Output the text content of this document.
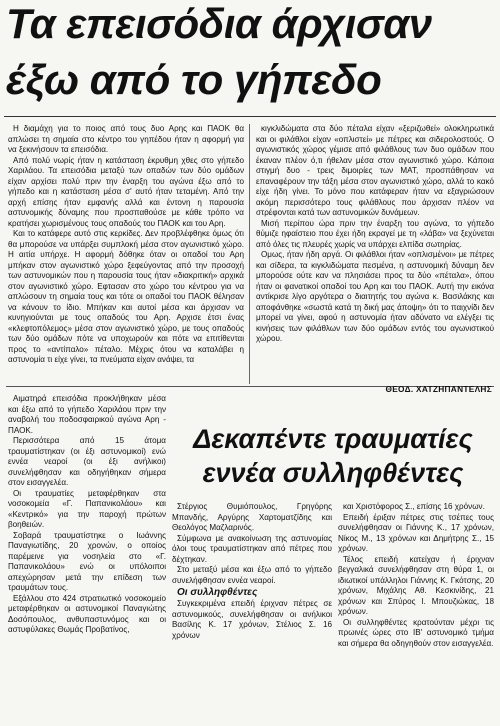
Τα επεισόδια άρχισαν
έξω από το γήπεδο

Η διαμάχη για το ποιος από τους δυο Αρης και ΠΑΟΚ θα απλώσει τη σημαία στο κέντρο του γηπέδου ήταν η αφορμή για να ξεκινήσουν τα επεισόδια.

Από πολύ νωρίς ήταν η κατάσταση έκρυθμη χθες στο γήπεδο Χαριλάου. Τα επεισόδια μεταξύ των οπαδών των δύο ομάδων είχαν αρχίσει πολύ πριν την έναρξη του αγώνα έξω από το γήπεδο και η κατάσταση μέσα σ' αυτό ήταν τεταμένη. Από την αρχή επίσης ήταν εμφανής αλλά και έντονη η παρουσία αστυνομικής δύναμης που προσπαθούσε με κάθε τρόπο να κρατήσει χωρισμένους τους οπαδούς του ΠΑΟΚ και του Αρη.

Και το κατάφερε αυτό στις κερκίδες. Δεν προβλέφθηκε όμως ότι θα μπορούσε να υπάρξει συμπλοκή μέσα στον αγωνιστικό χώρο. Η αιτία υπήρχε. Η αφορμή δόθηκε όταν οι οπαδοί του Αρη μπήκαν στον αγωνιστικό χώρο ξεφεύγοντας από την προσοχή των αστυνομικών που η παρουσία τους ήταν «διακριτική» αρχικά στον αγωνιστικό χώρο. Εφτασαν στο χώρο του κέντρου για να απλώσουν τη σημαία τους και τότε οι οπαδοί του ΠΑΟΚ θέλησαν να κάνουν το ίδιο. Μπήκαν και αυτοί μέσα και άρχισαν να κυνηγιούνται με τους οπαδούς του Αρη. Αρχισε έτσι ένας «κλεφτοπόλεμος» μέσα στον αγωνιστικό χώρο, με τους οπαδούς των δύο ομάδων πότε να υποχωρούν και πότε να επιτίθενται προς το «αντίπαλο» πέταλο. Μέχρις ότου να καταλάβει η αστυνομία τι είχε γίνει, τα πνεύματα είχαν ανάψει, τα

κιγκλιδώματα στα δύο πέταλα είχαν «ξεριζωθεί» ολοκληρωτικά και οι φιλάθλοι είχαν «οπλιστεί» με πέτρες και σιδερολοστούς. Ο αγωνιστικός χώρος γέμισε από φιλάθλους των δυο ομάδων που έκαναν πλέον ό,τι ήθελαν μέσα στον αγωνιστικό χώρο. Κάποια στιγμή δυο - τρεις διμοιρίες των ΜΑΤ, προσπάθησαν να επαναφέρουν την τάξη μέσα στον αγωνιστικό χώρο, αλλά το κακό είχε ήδη γίνει. Το μόνο που κατάφεραν ήταν να εξαγριώσουν ακόμη περισσότερο τους φιλάθλους που άρχισαν πλέον να στρέφονται κατά των αστυνομικών δυνάμεων.

Μισή περίπου ώρα πριν την έναρξη του αγώνα, το γήπεδο θύμιζε ηφαίστειο που έχει ήδη εκραγεί με τη «λάβα» να ξεχύνεται από όλες τις πλευρές χωρίς να υπάρχει ελπίδα σωτηρίας.

Ομως, ήταν ήδη αργά. Οι φιλάθλοι ήταν «οπλισμένοι» με πέτρες και σίδερα, τα κιγκλιδώματα πεσμένα, η αστυνομική δύναμη δεν μπορούσε ούτε καν να πλησιάσει προς τα δύο «πέταλα», όπου ήταν οι φανατικοί οπαδοί του Αρη και του ΠΑΟΚ. Αυτή την εικόνα αντίκρισε λίγο αργότερα ο διαιτητής του αγώνα κ. Βασιλάκης και αποφάνθηκε «σωστά κατά τη δική μας άποψη» ότι το παιχνίδι δεν μπορεί να γίνει, αφού η αστυνομία ήταν αδύνατο να ελέγξει τις κινήσεις των φιλάθλων των δύο ομάδων εντός του αγωνιστικού χώρου.

ΘΕΟΔ. ΧΑΤΖΗΠΑΝΤΕΛΗΣ
Δεκαπέντε τραυματίες
εννέα συλληφθέντες

Αιματηρά επεισόδια προκλήθηκαν μέσα και έξω από το γήπεδο Χαριλάου πριν την αναβολή του ποδοσφαιρικού αγώνα Αρη - ΠΑΟΚ.

Περισσότερα από 15 άτομα τραυματίστηκαν (οι έξι αστυνομικοί) ενώ εννέα νεαροί (οι έξι ανήλικοι) συνελήφθησαν και οδηγήθηκαν σήμερα στον εισαγγελέα.

Οι τραυματίες μεταφέρθηκαν στα νοσοκομεία «Γ. Παπανικολάου» και «Κεντρικό» για την παροχή πρώτων βοηθειών.

Σοβαρά τραυματίστηκε ο Ιωάννης Παναγιωτίδης, 20 χρονών, ο οποίος παρέμεινε για νοσηλεία στο «Γ. Παπανικολάου» ενώ οι υπόλοιποι απεχώρησαν μετά την επίδεση των τραυμάτων τους.

Εξάλλου στο 424 στρατιωτικό νοσοκομείο μεταφέρθηκαν οι αστυνομικοί Παναγιώτης Δοσόπουλος, ανθυπαστυνόμος και οι αστυφύλακες Θωμάς Προβατίνος,

Στέργιος Θυμιόπουλος, Γρηγόρης Μπανδής, Αργύρης Χαρτοματζίδης και Θεολόγος Μαζλαρινός.

Σύμφωνα με ανακοίνωση της αστυνομίας όλοι τους τραυματίστηκαν από πέτρες που δέχτηκαν.

Στο μεταξύ μέσα και έξω από το γήπεδο συνελήφθησαν εννέα νεαροί.

Οι συλληφθέντες

Συγκεκριμένα επειδή έριχναν πέτρες σε αστυνομικούς, συνελήφθησαν οι ανήλικοι Βασίλης Κ. 17 χρόνων, Στέλιος Σ. 16 χρόνων

και Χριστόφορος Σ., επίσης 16 χρόνων.

Επειδή έριξαν πέτρες στις τσέπες τους συνελήφθησαν οι Γιάννης Κ., 17 χρόνων, Νίκος Μ., 13 χρόνων και Δημήτρης Σ., 15 χρόνων.

Τέλος επειδή κατείχαν ή έριχναν βεγγαλικά συνελήφθησαν στη θύρα 1, οι ιδιωτικοί υπάλληλοι Γιάννης Κ. Γκότσης, 20 χρόνων, Μιχάλης Αθ. Κεσκινίδης, 21 χρόνων και Σπύρος Ι. Μπουζιώκας, 18 χρόνων.

Οι συλληφθέντες κρατούνταν μέχρι τις πρωινές ώρες στο ΙΒ' αστυνομικό τμήμα και σήμερα θα οδηγηθούν στον εισαγγελέα.
